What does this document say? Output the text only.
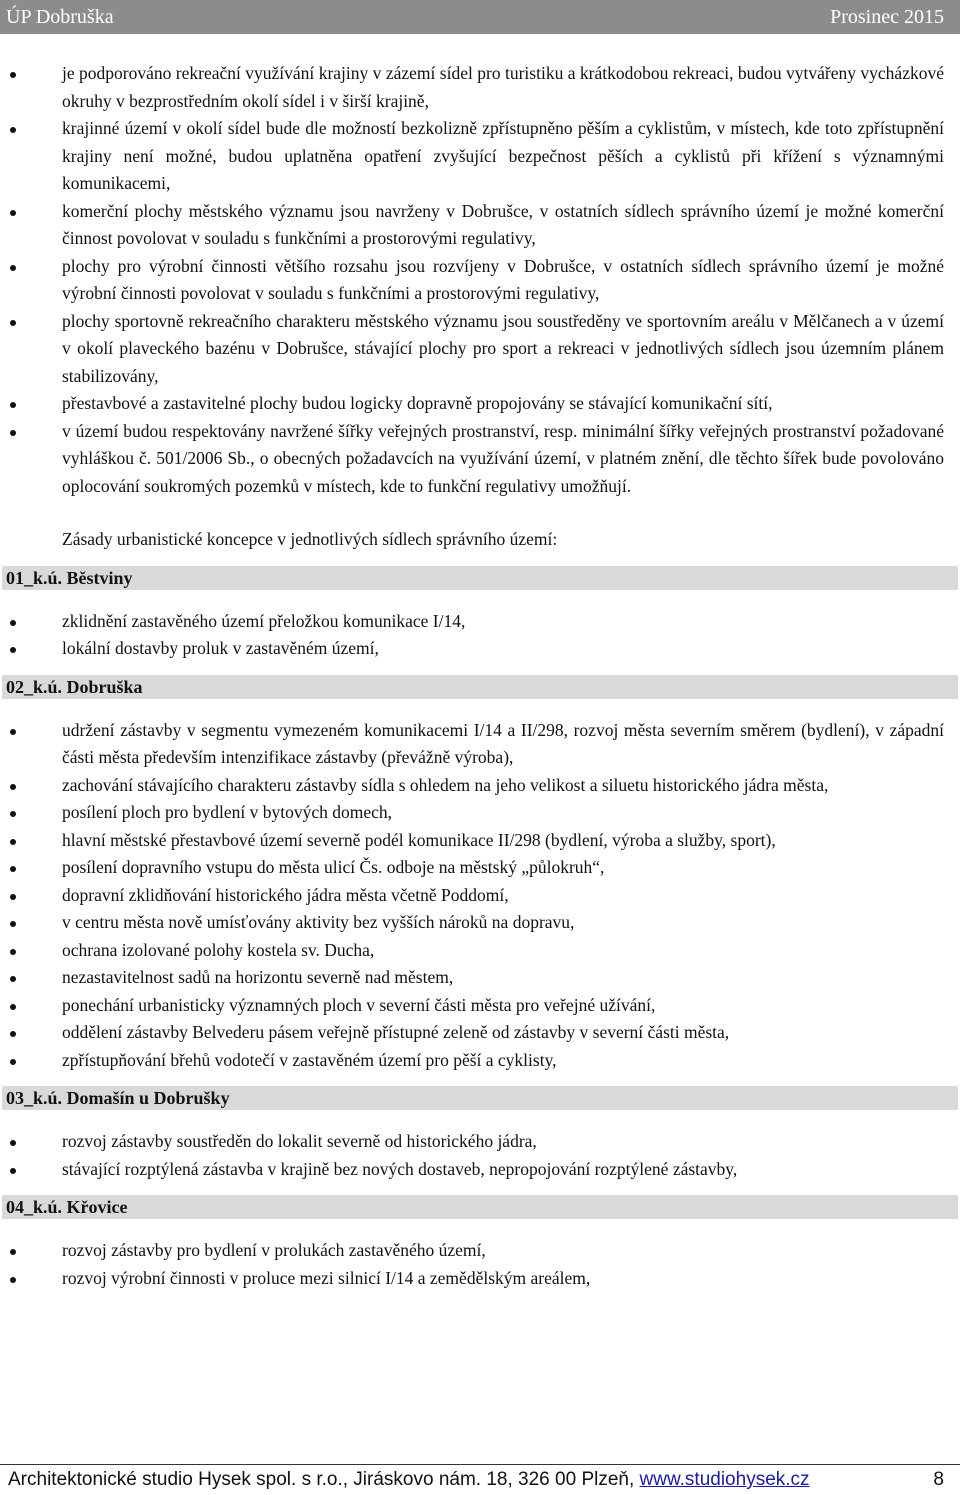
ÚP Dobruška	Prosinec 2015
je podporováno rekreační využívání krajiny v zázemí sídel pro turistiku a krátkodobou rekreaci, budou vytvářeny vycházkové okruhy v bezprostředním okolí sídel i v širší krajině,
krajinné území v okolí sídel bude dle možností bezkolizně zpřístupněno pěším a cyklistům, v místech, kde toto zpřístupnění krajiny není možné, budou uplatněna opatření zvyšující bezpečnost pěších a cyklistů při křížení s významnými komunikacemi,
komerční plochy městského významu jsou navrženy v Dobrušce, v ostatních sídlech správního území je možné komerční činnost povolovat v souladu s funkčními a prostorovými regulativy,
plochy pro výrobní činnosti většího rozsahu jsou rozvíjeny v Dobrušce, v ostatních sídlech správního území je možné výrobní činnosti povolovat v souladu s funkčními a prostorovými regulativy,
plochy sportovně rekreačního charakteru městského významu jsou soustředěny ve sportovním areálu v Mělčanech a v území v okolí plaveckého bazénu v Dobrušce, stávající plochy pro sport a rekreaci v jednotlivých sídlech jsou územním plánem stabilizovány,
přestavbové a zastavitelné plochy budou logicky dopravně propojovány se stávající komunikační sítí,
v území budou respektovány navržené šířky veřejných prostranství, resp. minimální šířky veřejných prostranství požadované vyhláškou č. 501/2006 Sb., o obecných požadavcích na využívání území, v platném znění, dle těchto šířek bude povolováno oplocování soukromých pozemků v místech, kde to funkční regulativy umožňují.
Zásady urbanistické koncepce v jednotlivých sídlech správního území:
01_k.ú. Běstviny
zklidnění zastavěného území přeložkou komunikace I/14,
lokální dostavby proluk v zastavěném území,
02_k.ú. Dobruška
udržení zástavby v segmentu vymezeném komunikacemi I/14 a II/298, rozvoj města severním směrem (bydlení), v západní části města především intenzifikace zástavby (převážně výroba),
zachování stávajícího charakteru zástavby sídla s ohledem na jeho velikost a siluetu historického jádra města,
posílení ploch pro bydlení v bytových domech,
hlavní městské přestavbové území severně podél komunikace II/298 (bydlení, výroba a služby, sport),
posílení dopravního vstupu do města ulicí Čs. odboje na městský „půlokruh“,
dopravní zklidňování historického jádra města včetně Poddomí,
v centru města nově umísťovány aktivity bez vyšších nároků na dopravu,
ochrana izolované polohy kostela sv. Ducha,
nezastavitelnost sadů na horizontu severně nad městem,
ponechání urbanisticky významných ploch v severní části města pro veřejné užívání,
oddělení zástavby Belvederu pásem veřejně přístupné zeleně od zástavby v severní části města,
zpřístupňování břehů vodotečí v zastavěném území pro pěší a cyklisty,
03_k.ú. Domašín u Dobrušky
rozvoj zástavby soustředěn do lokalit severně od historického jádra,
stávající rozptýlená zástavba v krajině bez nových dostaveb, nepropojování rozptýlené zástavby,
04_k.ú. Křovice
rozvoj zástavby pro bydlení v prolukách zastavěného území,
rozvoj výrobní činnosti v proluce mezi silnicí I/14 a zemědělským areálem,
Architektonické studio Hysek spol. s r.o., Jiráskovo nám. 18, 326 00 Plzeň, www.studiohysek.cz	8
